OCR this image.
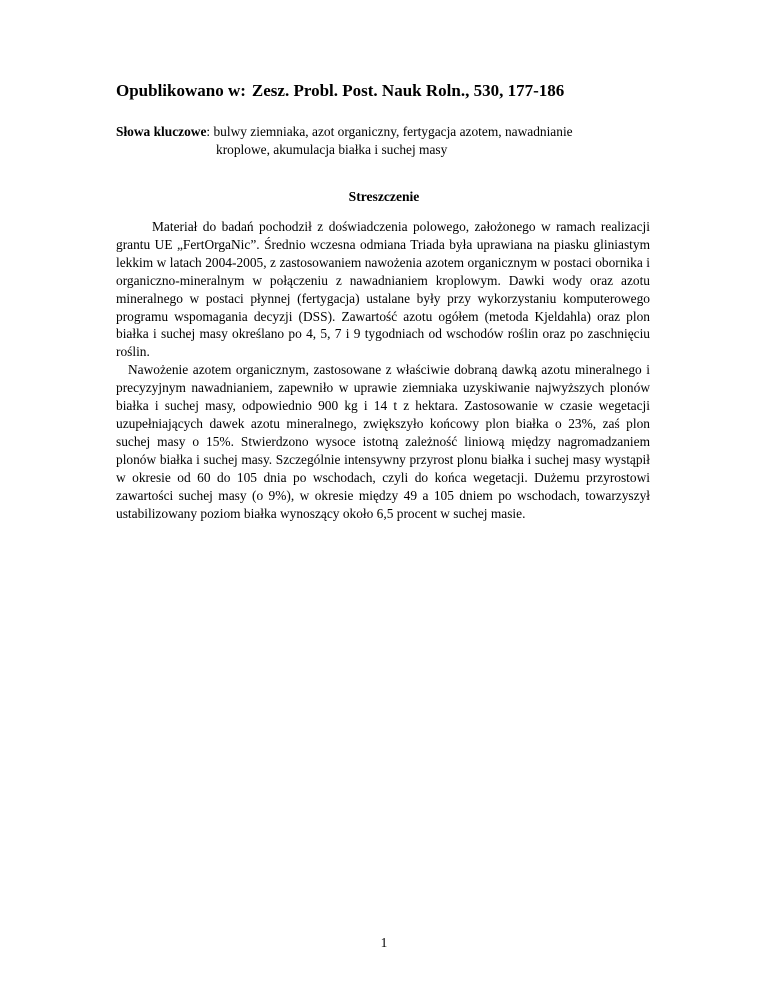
Opublikowano w: Zesz. Probl. Post. Nauk Roln., 530, 177-186
Słowa kluczowe: bulwy ziemniaka, azot organiczny, fertygacja azotem, nawadnianie
kroplowe, akumulacja białka i suchej masy
Streszczenie

Materiał do badań pochodził z doświadczenia polowego, założonego w ramach realizacji grantu UE „FertOrgaNic”. Średnio wczesna odmiana Triada była uprawiana na piasku gliniastym lekkim w latach 2004-2005, z zastosowaniem nawożenia azotem organicznym w postaci obornika i organiczno-mineralnym w połączeniu z nawadnianiem kroplowym. Dawki wody oraz azotu mineralnego w postaci płynnej (fertygacja) ustalane były przy wykorzystaniu komputerowego programu wspomagania decyzji (DSS). Zawartość azotu ogółem (metoda Kjeldahla) oraz plon białka i suchej masy określano po 4, 5, 7 i 9 tygodniach od wschodów roślin oraz po zaschnięciu roślin.

Nawożenie azotem organicznym, zastosowane z właściwie dobraną dawką azotu mineralnego i precyzyjnym nawadnianiem, zapewniło w uprawie ziemniaka uzyskiwanie najwyższych plonów białka i suchej masy, odpowiednio 900 kg i 14 t z hektara. Zastosowanie w czasie wegetacji uzupełniających dawek azotu mineralnego, zwiększyło końcowy plon białka o 23%, zaś plon suchej masy o 15%. Stwierdzono wysoce istotną zależność liniową między nagromadzaniem plonów białka i suchej masy. Szczególnie intensywny przyrost plonu białka i suchej masy wystąpił w okresie od 60 do 105 dnia po wschodach, czyli do końca wegetacji. Dużemu przyrostowi zawartości suchej masy (o 9%), w okresie między 49 a 105 dniem po wschodach, towarzyszył ustabilizowany poziom białka wynoszący około 6,5 procent w suchej masie.

1
